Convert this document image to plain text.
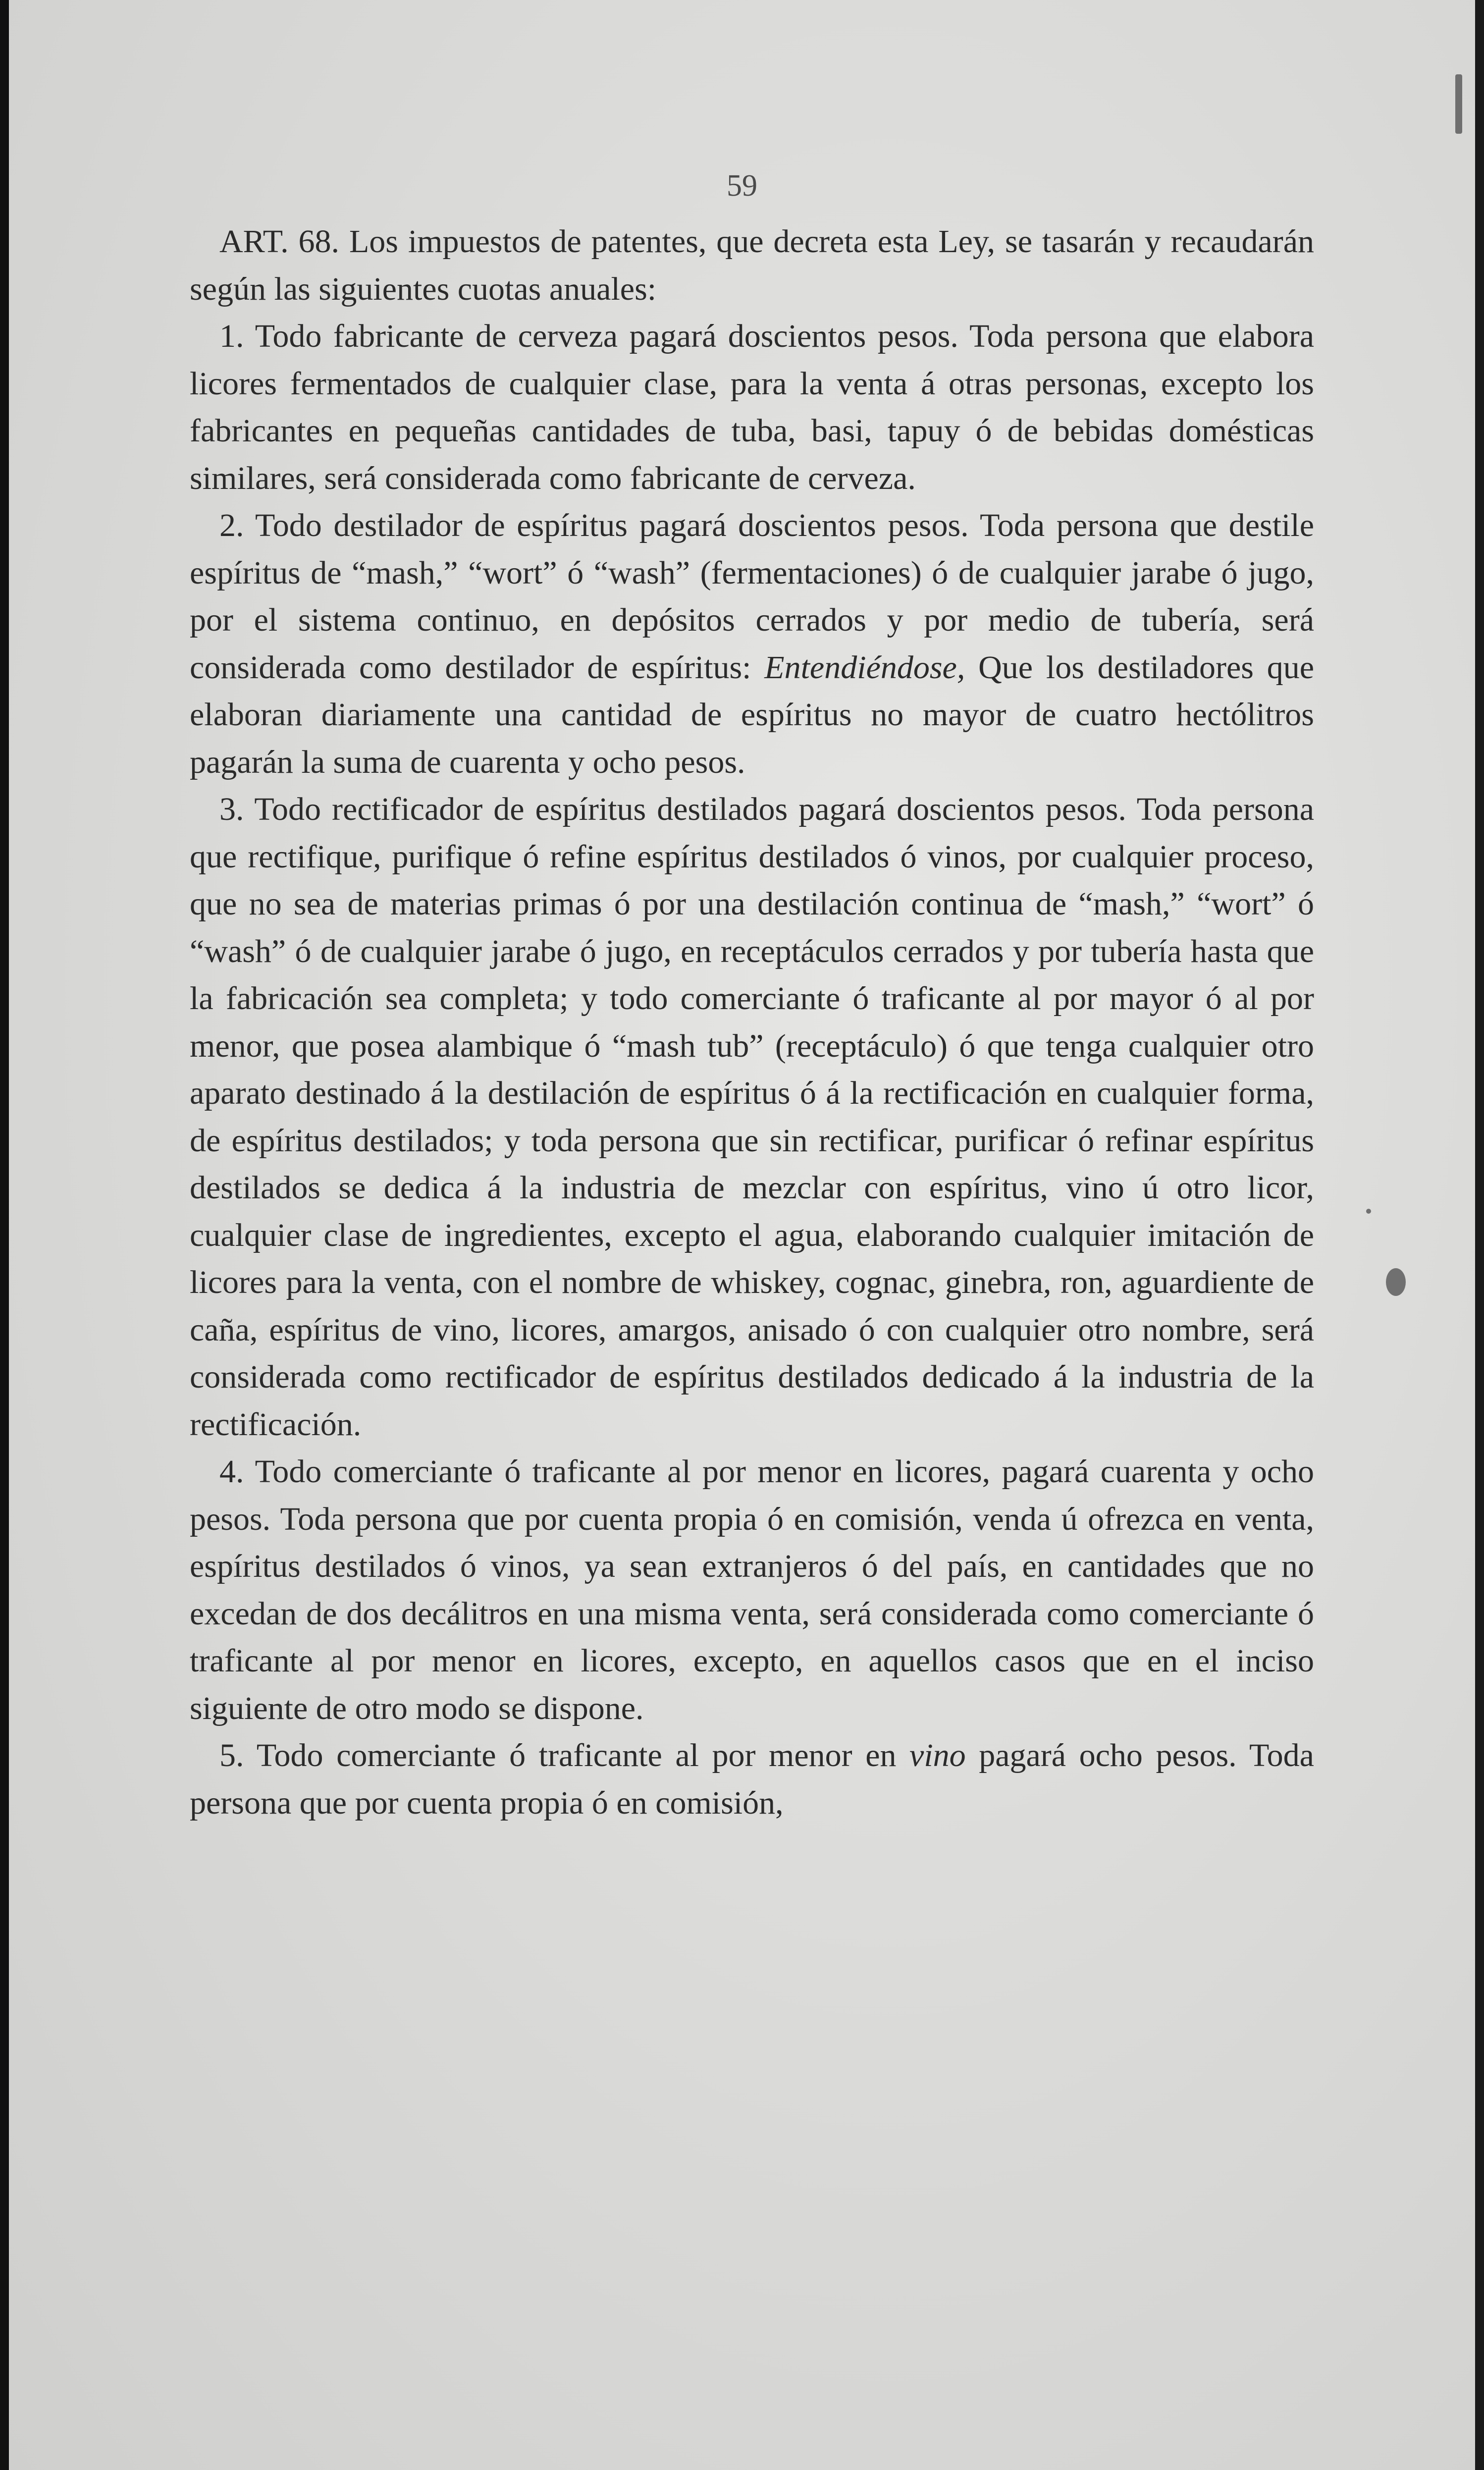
59

ART. 68. Los impuestos de patentes, que decreta esta Ley, se tasarán y recaudarán según las siguientes cuotas anuales:

1. Todo fabricante de cerveza pagará doscientos pesos. Toda persona que elabora licores fermentados de cualquier clase, para la venta á otras personas, excepto los fabricantes en pequeñas cantidades de tuba, basi, tapuy ó de bebidas domésticas similares, será considerada como fabricante de cerveza.

2. Todo destilador de espíritus pagará doscientos pesos. Toda persona que destile espíritus de “mash,” “wort” ó “wash” (fermentaciones) ó de cualquier jarabe ó jugo, por el sistema continuo, en depósitos cerrados y por medio de tubería, será considerada como destilador de espíritus: Entendiéndose, Que los destiladores que elaboran diariamente una cantidad de espíritus no mayor de cuatro hectólitros pagarán la suma de cuarenta y ocho pesos.

3. Todo rectificador de espíritus destilados pagará doscientos pesos. Toda persona que rectifique, purifique ó refine espíritus destilados ó vinos, por cualquier proceso, que no sea de materias primas ó por una destilación continua de “mash,” “wort” ó “wash” ó de cualquier jarabe ó jugo, en receptáculos cerrados y por tubería hasta que la fabricación sea completa; y todo comerciante ó traficante al por mayor ó al por menor, que posea alambique ó “mash tub” (receptáculo) ó que tenga cualquier otro aparato destinado á la destilación de espíritus ó á la rectificación en cualquier forma, de espíritus destilados; y toda persona que sin rectificar, purificar ó refinar espíritus destilados se dedica á la industria de mezclar con espíritus, vino ú otro licor, cualquier clase de ingredientes, excepto el agua, elaborando cualquier imitación de licores para la venta, con el nombre de whiskey, cognac, ginebra, ron, aguardiente de caña, espíritus de vino, licores, amargos, anisado ó con cualquier otro nombre, será considerada como rectificador de espíritus destilados dedicado á la industria de la rectificación.

4. Todo comerciante ó traficante al por menor en licores, pagará cuarenta y ocho pesos. Toda persona que por cuenta propia ó en comisión, venda ú ofrezca en venta, espíritus destilados ó vinos, ya sean extranjeros ó del país, en cantidades que no excedan de dos decálitros en una misma venta, será considerada como comerciante ó traficante al por menor en licores, excepto, en aquellos casos que en el inciso siguiente de otro modo se dispone.

5. Todo comerciante ó traficante al por menor en vino pagará ocho pesos. Toda persona que por cuenta propia ó en comisión,
